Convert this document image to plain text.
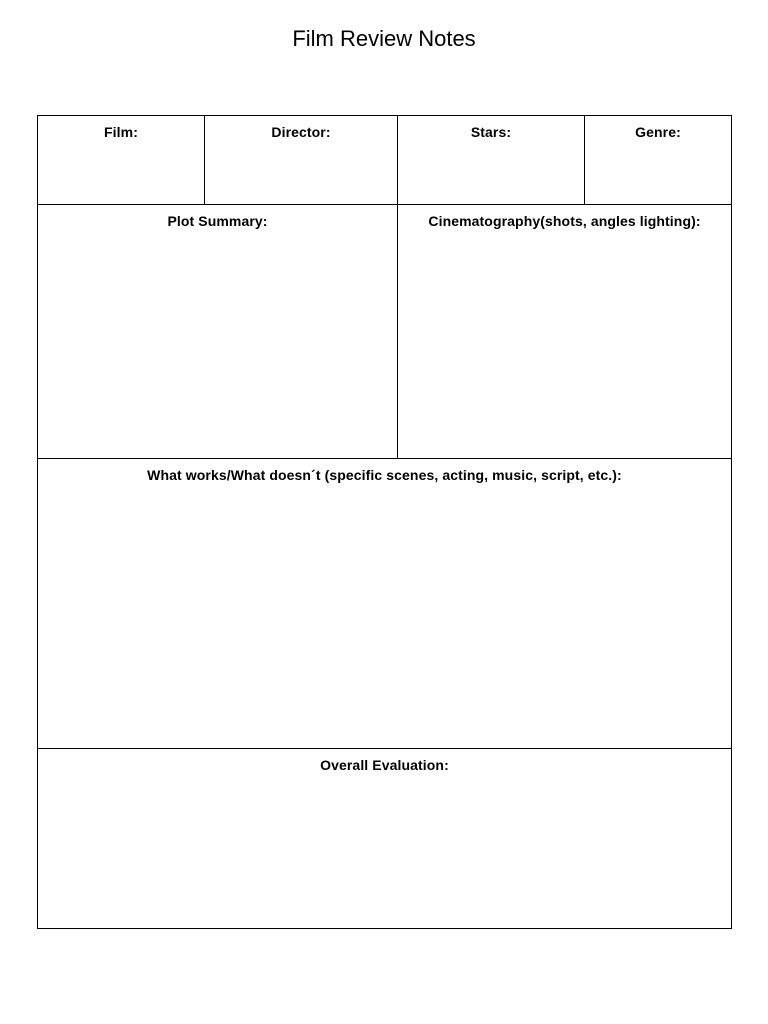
Film Review Notes
Film:	Director:	Stars:	Genre:
Plot Summary:	Cinematography(shots, angles lighting):
What works/What doesn´t (specific scenes, acting, music, script, etc.):
Overall Evaluation:
